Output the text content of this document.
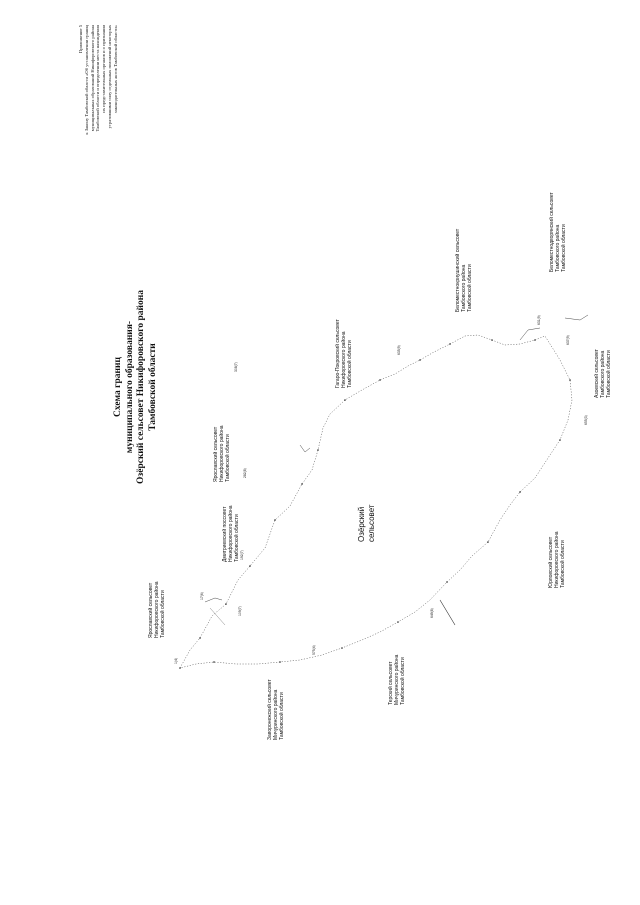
Приложение 5 к Закону Тамбовской области «Об установлении границ муниципальных образований Никифоровского района Тамбовской области и определении места нахождения их представительных органов и о признании утратившими силу отдельных положений некоторых законодательных актов Тамбовской области»
Схема границ муниципального образования- Озёрский сельсовет Никифоровского района Тамбовской области
Озёрский сельсовет
Ярославский сельсовет Никифоровского района Тамбовской области
Дмитриевский поссовет Никифоровского района Тамбовской области
Ярославский сельсовет Никифоровского района Тамбовской области
Гагаро-Покровский сельсовет Никифоровского района Тамбовской области
Беломестнокриушинский сельсовет Тамбовского района Тамбовской области
Беломестнодворянский сельсовет Тамбовского района Тамбовской области
Азоевский сельсовет Тамбовского района Тамбовской области
Юрловский сельсовет Никифоровского района Тамбовской области
Терский сельсовет Мичуринского района Тамбовской области
Заворонежский сельсовет Мичуринского района Тамбовской области
1(4)
17(6)
109(7)
192(7)
282(8)
308(7)
575(4)
649(8)
631(9)
637(9)
635(9)
655(3)
